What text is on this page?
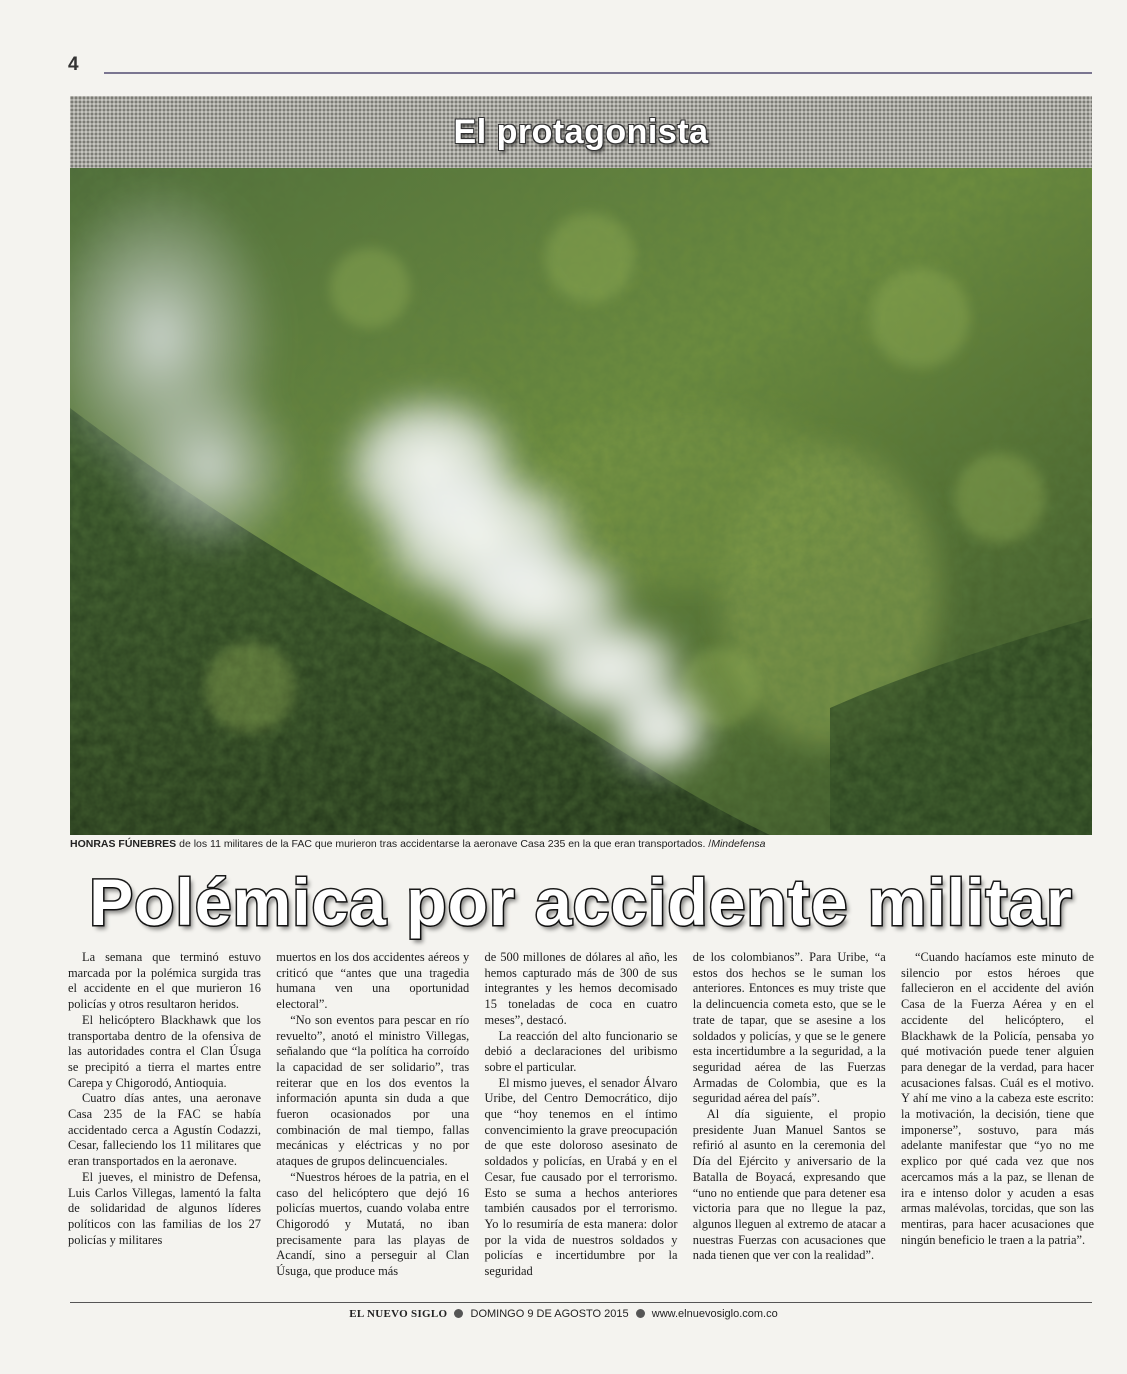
4
El protagonista
HONRAS FÚNEBRES de los 11 militares de la FAC que murieron tras accidentarse la aeronave Casa 235 en la que eran transportados. /Mindefensa
Polémica por accidente militar

La semana que terminó estuvo marcada por la polémica surgida tras el accidente en el que murieron 16 policías y otros resultaron heridos.

El helicóptero Blackhawk que los transportaba dentro de la ofensiva de las autoridades contra el Clan Úsuga se precipitó a tierra el martes entre Carepa y Chigorodó, Antioquia.

Cuatro días antes, una aeronave Casa 235 de la FAC se había accidentado cerca a Agustín Codazzi, Cesar, falleciendo los 11 militares que eran transportados en la aeronave.

El jueves, el ministro de Defensa, Luis Carlos Villegas, lamentó la falta de solidaridad de algunos líderes políticos con las familias de los 27 policías y militares

muertos en los dos accidentes aéreos y criticó que “antes que una tragedia humana ven una oportunidad electoral”.

“No son eventos para pescar en río revuelto”, anotó el ministro Villegas, señalando que “la política ha corroído la capacidad de ser solidario”, tras reiterar que en los dos eventos la información apunta sin duda a que fueron ocasionados por una combinación de mal tiempo, fallas mecánicas y eléctricas y no por ataques de grupos delincuenciales.

“Nuestros héroes de la patria, en el caso del helicóptero que dejó 16 policías muertos, cuando volaba entre Chigorodó y Mutatá, no iban precisamente para las playas de Acandí, sino a perseguir al Clan Úsuga, que produce más

de 500 millones de dólares al año, les hemos capturado más de 300 de sus integrantes y les hemos decomisado 15 toneladas de coca en cuatro meses”, destacó.

La reacción del alto funcionario se debió a declaraciones del uribismo sobre el particular.

El mismo jueves, el senador Álvaro Uribe, del Centro Democrático, dijo que “hoy tenemos en el íntimo convencimiento la grave preocupación de que este doloroso asesinato de soldados y policías, en Urabá y en el Cesar, fue causado por el terrorismo. Esto se suma a hechos anteriores también causados por el terrorismo. Yo lo resumiría de esta manera: dolor por la vida de nuestros soldados y policías e incertidumbre por la seguridad

de los colombianos”. Para Uribe, “a estos dos hechos se le suman los anteriores. Entonces es muy triste que la delincuencia cometa esto, que se le trate de tapar, que se asesine a los soldados y policías, y que se le genere esta incertidumbre a la seguridad, a la seguridad aérea de las Fuerzas Armadas de Colombia, que es la seguridad aérea del país”.

Al día siguiente, el propio presidente Juan Manuel Santos se refirió al asunto en la ceremonia del Día del Ejército y aniversario de la Batalla de Boyacá, expresando que “uno no entiende que para detener esa victoria para que no llegue la paz, algunos lleguen al extremo de atacar a nuestras Fuerzas con acusaciones que nada tienen que ver con la realidad”.

“Cuando hacíamos este minuto de silencio por estos héroes que fallecieron en el accidente del avión Casa de la Fuerza Aérea y en el accidente del helicóptero, el Blackhawk de la Policía, pensaba yo qué motivación puede tener alguien para denegar de la verdad, para hacer acusaciones falsas. Cuál es el motivo. Y ahí me vino a la cabeza este escrito: la motivación, la decisión, tiene que imponerse”, sostuvo, para más adelante manifestar que “yo no me explico por qué cada vez que nos acercamos más a la paz, se llenan de ira e intenso dolor y acuden a esas armas malévolas, torcidas, que son las mentiras, para hacer acusaciones que ningún beneficio le traen a la patria”.

EL NUEVO SIGLO DOMINGO 9 DE AGOSTO 2015 www.elnuevosiglo.com.co
